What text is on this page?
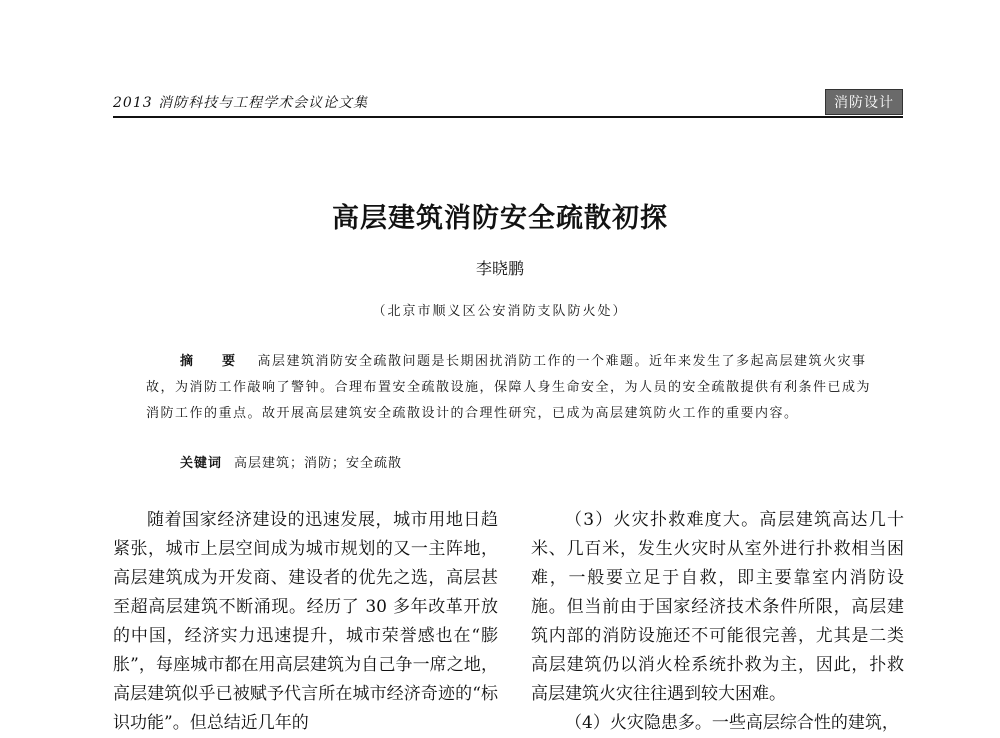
2013 消防科技与工程学术会议论文集	消防设计
高层建筑消防安全疏散初探
李晓鹏
（北京市顺义区公安消防支队防火处）
摘　要　 高层建筑消防安全疏散问题是长期困扰消防工作的一个难题。近年来发生了多起高层建筑火灾事故，为消防工作敲响了警钟。合理布置安全疏散设施，保障人身生命安全，为人员的安全疏散提供有利条件已成为消防工作的重点。故开展高层建筑安全疏散设计的合理性研究，已成为高层建筑防火工作的重要内容。
关键词 高层建筑；消防；安全疏散

随着国家经济建设的迅速发展，城市用地日趋紧张，城市上层空间成为城市规划的又一主阵地，高层建筑成为开发商、建设者的优先之选，高层甚至超高层建筑不断涌现。经历了 30 多年改革开放的中国，经济实力迅速提升，城市荣誉感也在“膨胀”，每座城市都在用高层建筑为自己争一席之地，高层建筑似乎已被赋予代言所在城市经济奇迹的“标识功能”。但总结近几年的

（3）火灾扑救难度大。高层建筑高达几十米、几百米，发生火灾时从室外进行扑救相当困难，一般要立足于自救，即主要靠室内消防设施。但当前由于国家经济技术条件所限，高层建筑内部的消防设施还不可能很完善，尤其是二类高层建筑仍以消火栓系统扑救为主，因此，扑救高层建筑火灾往往遇到较大困难。

（4）火灾隐患多。一些高层综合性的建筑，
